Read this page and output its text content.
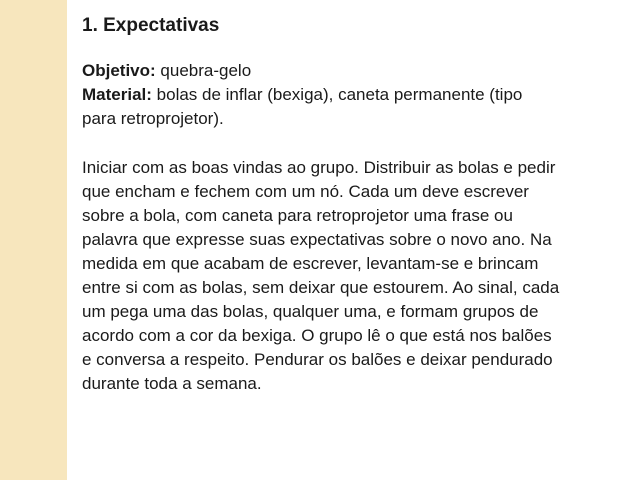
1. Expectativas
Objetivo: quebra-gelo
Material: bolas de inflar (bexiga), caneta permanente (tipo
para retroprojetor).
Iniciar com as boas vindas ao grupo. Distribuir as bolas e pedir
que encham e fechem com um nó. Cada um deve escrever
sobre a bola, com caneta para retroprojetor uma frase ou
palavra que expresse suas expectativas sobre o novo ano. Na
medida em que acabam de escrever, levantam-se e brincam
entre si com as bolas, sem deixar que estourem. Ao sinal, cada
um pega uma das bolas, qualquer uma, e formam grupos de
acordo com a cor da bexiga. O grupo lê o que está nos balões
e conversa a respeito. Pendurar os balões e deixar pendurado
durante toda a semana.
